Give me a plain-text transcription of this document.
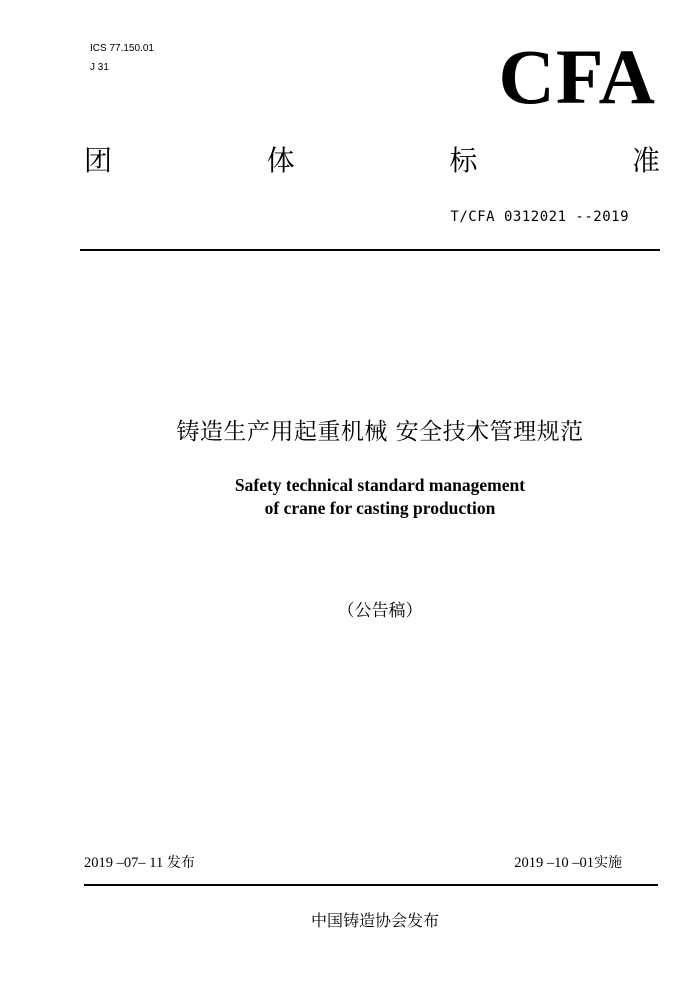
ICS 77.150.01
J 31	CFA
团	体	标	准
T/CFA 0312021 --2019
铸造生产用起重机械 安全技术管理规范
Safety technical standard management
of crane for casting production
（公告稿）
2019 –07– 11 发布	2019 –10 –01实施
中国铸造协会发布
